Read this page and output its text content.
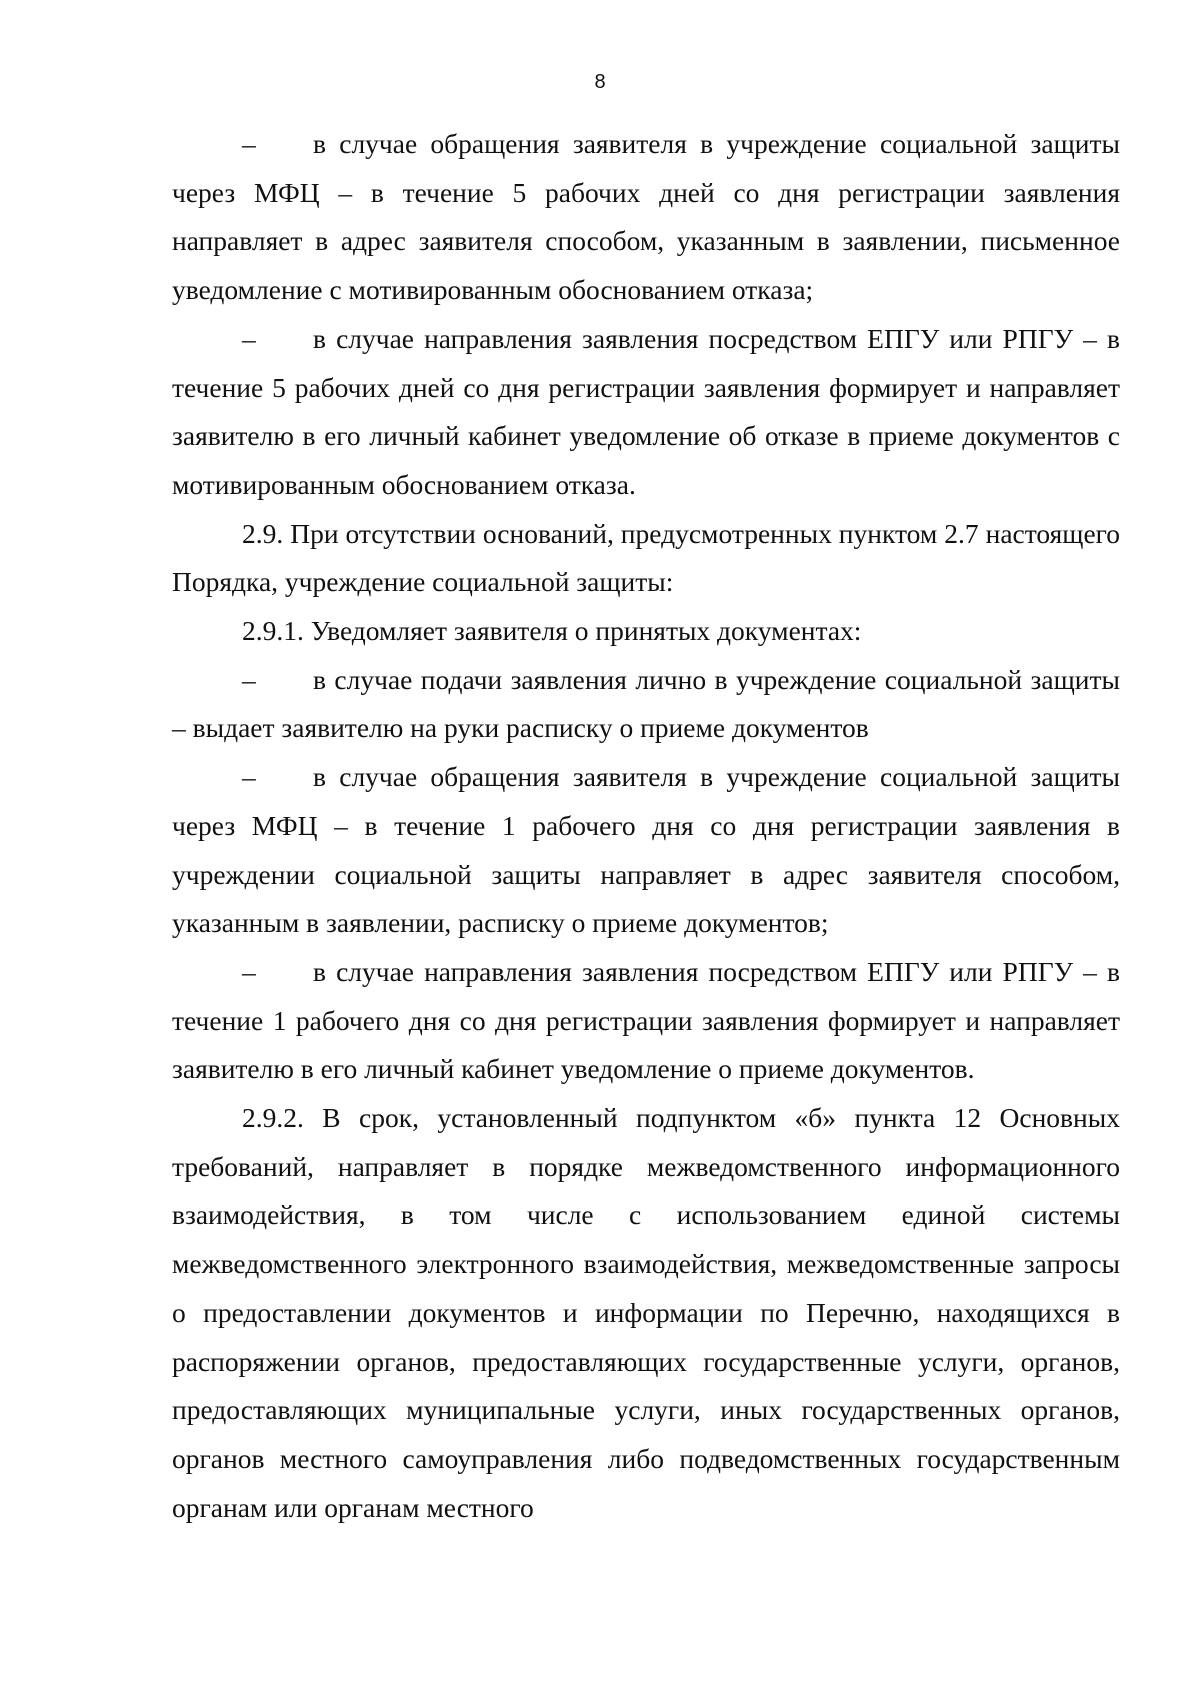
8

– в случае обращения заявителя в учреждение социальной защиты через МФЦ – в течение 5 рабочих дней со дня регистрации заявления направляет в адрес заявителя способом, указанным в заявлении, письменное уведомление с мотивированным обоснованием отказа;

– в случае направления заявления посредством ЕПГУ или РПГУ – в течение 5 рабочих дней со дня регистрации заявления формирует и направляет заявителю в его личный кабинет уведомление об отказе в приеме документов с мотивированным обоснованием отказа.

2.9. При отсутствии оснований, предусмотренных пунктом 2.7 настоящего Порядка, учреждение социальной защиты:

2.9.1. Уведомляет заявителя о принятых документах:

– в случае подачи заявления лично в учреждение социальной защиты – выдает заявителю на руки расписку о приеме документов

– в случае обращения заявителя в учреждение социальной защиты через МФЦ – в течение 1 рабочего дня со дня регистрации заявления в учреждении социальной защиты направляет в адрес заявителя способом, указанным в заявлении, расписку о приеме документов;

– в случае направления заявления посредством ЕПГУ или РПГУ – в течение 1 рабочего дня со дня регистрации заявления формирует и направляет заявителю в его личный кабинет уведомление о приеме документов.

2.9.2. В срок, установленный подпунктом «б» пункта 12 Основных требований, направляет в порядке межведомственного информационного взаимодействия, в том числе с использованием единой системы межведомственного электронного взаимодействия, межведомственные запросы о предоставлении документов и информации по Перечню, находящихся в распоряжении органов, предоставляющих государственные услуги, органов, предоставляющих муниципальные услуги, иных государственных органов, органов местного самоуправления либо подведомственных государственным органам или органам местного
